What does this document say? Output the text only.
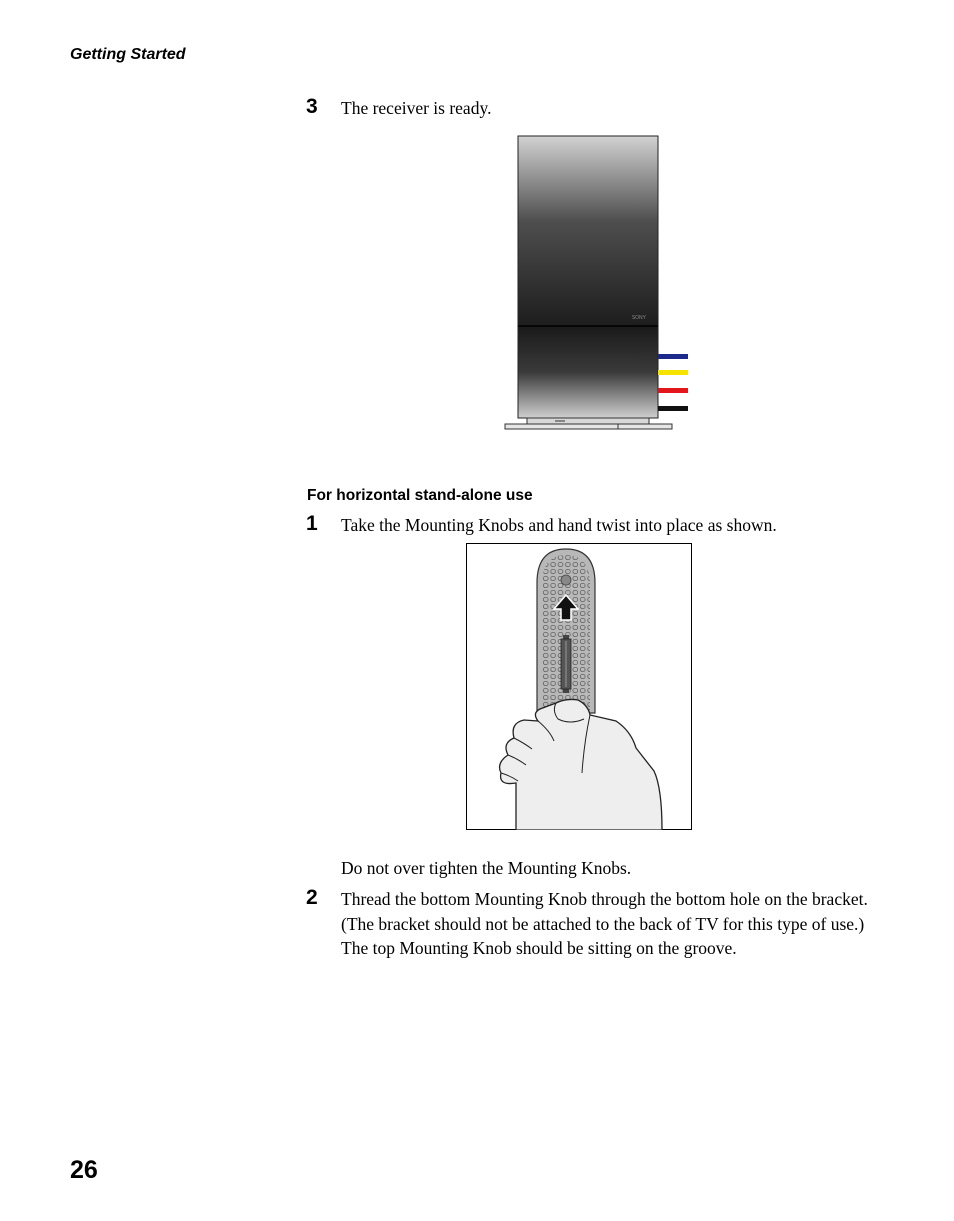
Getting Started
3 The receiver is ready.
SONY
For horizontal stand-alone use
1 Take the Mounting Knobs and hand twist into place as shown.
Do not over tighten the Mounting Knobs.
2 Thread the bottom Mounting Knob through the bottom hole on the bracket. (The bracket should not be attached to the back of TV for this type of use.) The top Mounting Knob should be sitting on the groove.
26
